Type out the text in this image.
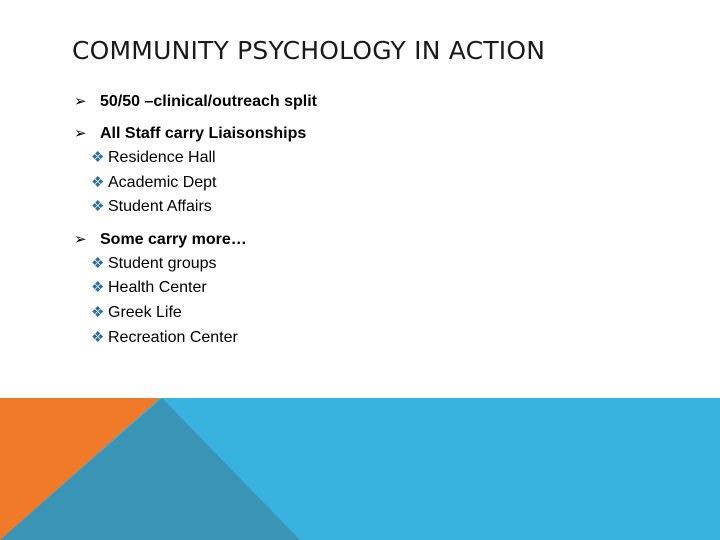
COMMUNITY PSYCHOLOGY IN ACTION
➢ 50/50 –clinical/outreach split
➢ All Staff carry Liaisonships
❖ Residence Hall
❖ Academic Dept
❖ Student Affairs
➢ Some carry more…
❖ Student groups
❖ Health Center
❖ Greek Life
❖ Recreation Center
